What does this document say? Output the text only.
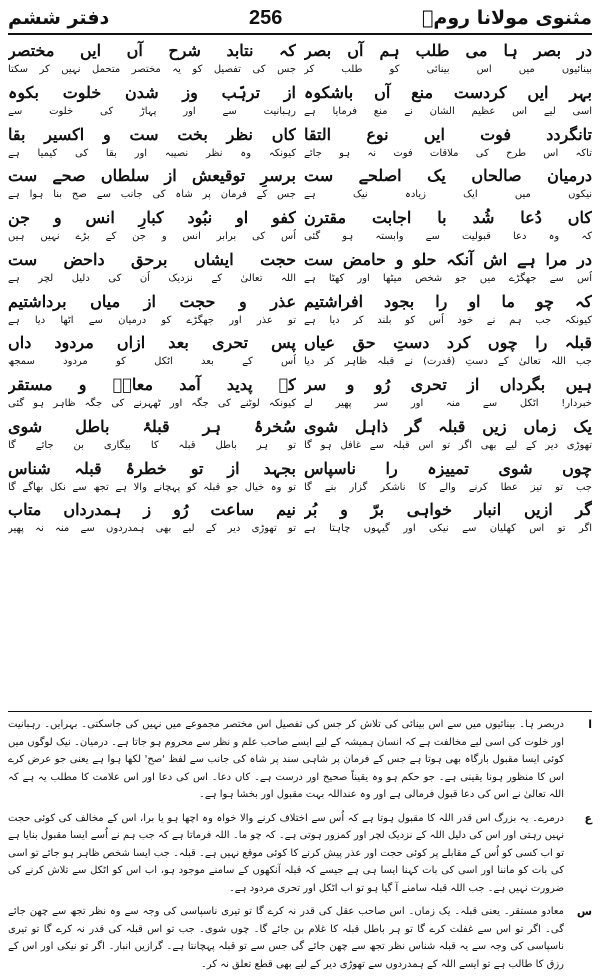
مثنوی مولانا رومؒ
256
دفتر ششم
در بصر ہا می طلب ہم آں بصر
بینائیوں میں اس بینائی کو طلب کر
بہر ایں کردست منع آں باشکوہ
اسی لیے اس عظیم الشان نے منع فرمایا ہے
تانگردد فوت ایں نوع التقا
تاکہ اس طرح کی ملاقات فوت نہ ہو جائے
درمیان صالحاں یک اصلحے ست
نیکوں میں ایک زیادہ نیک ہے
کاں دُعا شُد با اجابت مقترن
کہ وہ دعا قبولیت سے وابستہ ہو گئی
در مرا ہے اش آنکہ حلو و حامض ست
اُس سے جھگڑے میں جو شخص میٹھا اور کھٹا ہے
کہ چو ما او را بجود افراشتیم
کیونکہ جب ہم نے خود اُس کو بلند کر دیا ہے
قبلہ را چوں کرد دستِ حق عیاں
جب اللہ تعالیٰ کے دستِ (قدرت) نے قبلہ ظاہر کر دیا
ہیں بگرداں از تحری رُو و سر
خبردار! اٹکل سے منہ اور سر پھیر لے
یک زماں زیں قبلہ گر ذاہل شوی
تھوڑی دیر کے لیے بھی اگر تو اس قبلہ سے غافل ہو گا
چوں شوی تمییزہ را ناسپاس
جب تو تیز عطا کرنے والے کا ناشکر گزار بنے گا
گر ازیں انبار خواہی برّ و بُر
اگر تو اس کھلیان سے نیکی اور گیہوں چاہتا ہے
کہ نتابد شرح آں ایں مختصر
جس کی تفصیل کو یہ مختصر متحمل نہیں کر سکتا
از ترہّب وز شدن خلوت بکوہ
رہبانیت سے اور پہاڑ کی خلوت سے
کاں نظر بخت ست و اکسیر بقا
کیونکہ وہ نظر نصیبہ اور بقا کی کیمیا ہے
برسرِ توقیعش از سلطاں صحے ست
جس کے فرمان پر شاہ کی جانب سے صح بنا ہوا ہے
کفو او نبُود کبارِ انس و جن
اُس کی برابر انس و جن کے بڑے نہیں ہیں
حجت ایشاں برحق داحض ست
اللہ تعالیٰ کے نزدیک اُن کی دلیل لچر ہے
عذر و حجت از میاں برداشتیم
تو عذر اور جھگڑے کو درمیان سے اٹھا دیا ہے
پس تحری بعد ازاں مردود داں
اُس کے بعد اٹکل کو مردود سمجھ
کہ پدید آمد معادؔ و مستقر
کیونکہ لوٹنے کی جگہ اور ٹھہرنے کی جگہ ظاہر ہو گئی
سُخرۂ ہر قبلۂ باطل شوی
تو ہر باطل قبلہ کا بیگاری بن جائے گا
بجہد از تو خطرۂ قبلہ شناس
تو وہ خیال جو قبلہ کو پہچانے والا ہے تجھ سے نکل بھاگے گا
نیم ساعت رُو ز ہمدرداں متاب
تو تھوڑی دیر کے لیے بھی ہمدردوں سے منہ نہ پھیر
ا
دربصر ہا۔ بینائیوں میں سے اس بینائی کی تلاش کر جس کی تفصیل اس مختصر مجموعے میں نہیں کی جاسکتی۔ بہرایں۔ رہبانیت اور خلوت کی اسی لیے مخالفت ہے کہ انسان ہمیشہ کے لیے ایسے صاحب علم و نظر سے محروم ہو جاتا ہے۔ درمیان۔ نیک لوگوں میں کوئی ایسا مقبول بارگاہ بھی ہوتا ہے جس کے فرمان پر شاہی سند پر شاہ کی جانب سے لفظ 'صح' لکھا ہوا ہے یعنی جو عرض کرے اس کا منظور ہونا یقینی ہے۔ جو حکم ہو وہ یقیناً صحیح اور درست ہے۔ کاں دعا۔ اس کی دعا اور اس علامت کا مطلب یہ ہے کہ اللہ تعالیٰ نے اس کی دعا قبول فرمالی ہے اور وہ عنداللہ بہت مقبول اور بخشا ہوا ہے۔
ع
درمرے۔ یہ بزرگ اس قدر اللہ کا مقبول ہوتا ہے کہ اُس سے اختلاف کرنے والا خواہ وہ اچھا ہو یا برا، اس کے مخالف کی کوئی حجت نہیں رہتی اور اس کی دلیل اللہ کے نزدیک لچر اور کمزور ہوتی ہے۔ کہ چو ما۔ اللہ فرماتا ہے کہ جب ہم نے اُسے ایسا مقبول بنایا ہے تو اب کسی کو اُس کے مقابلے پر کوئی حجت اور عذر پیش کرنے کا کوئی موقع نہیں ہے۔ قبلہ۔ جب ایسا شخص ظاہر ہو جائے تو اسی کی بات کو ماننا اور اسی کی بات کہنا ایسا ہی ہے جیسے کہ قبلہ آنکھوں کے سامنے موجود ہو، اب اس کو اٹکل سے تلاش کرنے کی ضرورت نہیں ہے۔ جب اللہ قبلہ سامنے آ گیا ہو تو اب اٹکل اور تحری مردود ہے۔
س
معادو مستقر۔ یعنی قبلہ۔ یک زماں۔ اس صاحب عقل کی قدر نہ کرے گا تو تیری ناسپاسی کی وجہ سے وہ نظر تجھ سے چھن جائے گی۔ اگر تو اس سے غفلت کرے گا تو ہر باطل قبلہ کا غلام بن جائے گا۔ چوں شوی۔ جب تو اس قبلہ کی قدر نہ کرے گا تو تیری ناسپاسی کی وجہ سے یہ قبلہ شناس نظر تجھ سے چھن جائے گی جس سے تو قبلہ پہچانتا ہے۔ گرازیں انبار۔ اگر تو نیکی اور اس کے رزق کا طالب ہے تو ایسے اللہ کے ہمدردوں سے تھوڑی دیر کے لیے بھی قطع تعلق نہ کر۔
